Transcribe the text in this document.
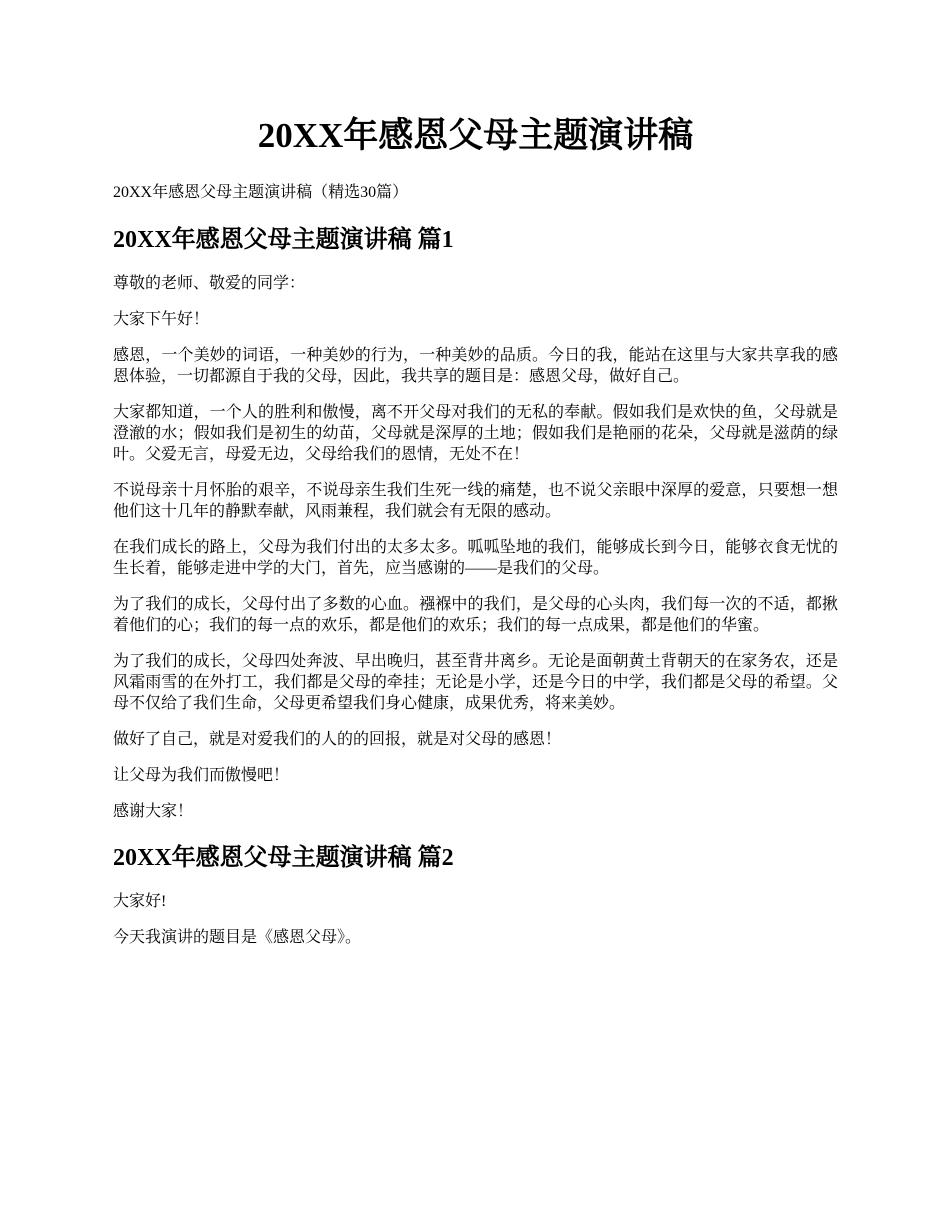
20XX年感恩父母主题演讲稿

20XX年感恩父母主题演讲稿（精选30篇）

20XX年感恩父母主题演讲稿 篇1

尊敬的老师、敬爱的同学：

大家下午好！

感恩，一个美妙的词语，一种美妙的行为，一种美妙的品质。今日的我，能站在这里与大家共享我的感恩体验，一切都源自于我的父母，因此，我共享的题目是：感恩父母，做好自己。

大家都知道，一个人的胜利和傲慢，离不开父母对我们的无私的奉献。假如我们是欢快的鱼，父母就是澄澈的水；假如我们是初生的幼苗，父母就是深厚的土地；假如我们是艳丽的花朵，父母就是滋荫的绿叶。父爱无言，母爱无边，父母给我们的恩情，无处不在！

不说母亲十月怀胎的艰辛，不说母亲生我们生死一线的痛楚，也不说父亲眼中深厚的爱意，只要想一想他们这十几年的静默奉献，风雨兼程，我们就会有无限的感动。

在我们成长的路上，父母为我们付出的太多太多。呱呱坠地的我们，能够成长到今日，能够衣食无忧的生长着，能够走进中学的大门，首先，应当感谢的——是我们的父母。

为了我们的成长，父母付出了多数的心血。襁褓中的我们，是父母的心头肉，我们每一次的不适，都揪着他们的心；我们的每一点的欢乐，都是他们的欢乐；我们的每一点成果，都是他们的华蜜。

为了我们的成长，父母四处奔波、早出晚归，甚至背井离乡。无论是面朝黄土背朝天的在家务农，还是风霜雨雪的在外打工，我们都是父母的牵挂；无论是小学，还是今日的中学，我们都是父母的希望。父母不仅给了我们生命，父母更希望我们身心健康，成果优秀，将来美妙。

做好了自己，就是对爱我们的人的的回报，就是对父母的感恩！

让父母为我们而傲慢吧！

感谢大家！

20XX年感恩父母主题演讲稿 篇2

大家好!

今天我演讲的题目是《感恩父母》。
